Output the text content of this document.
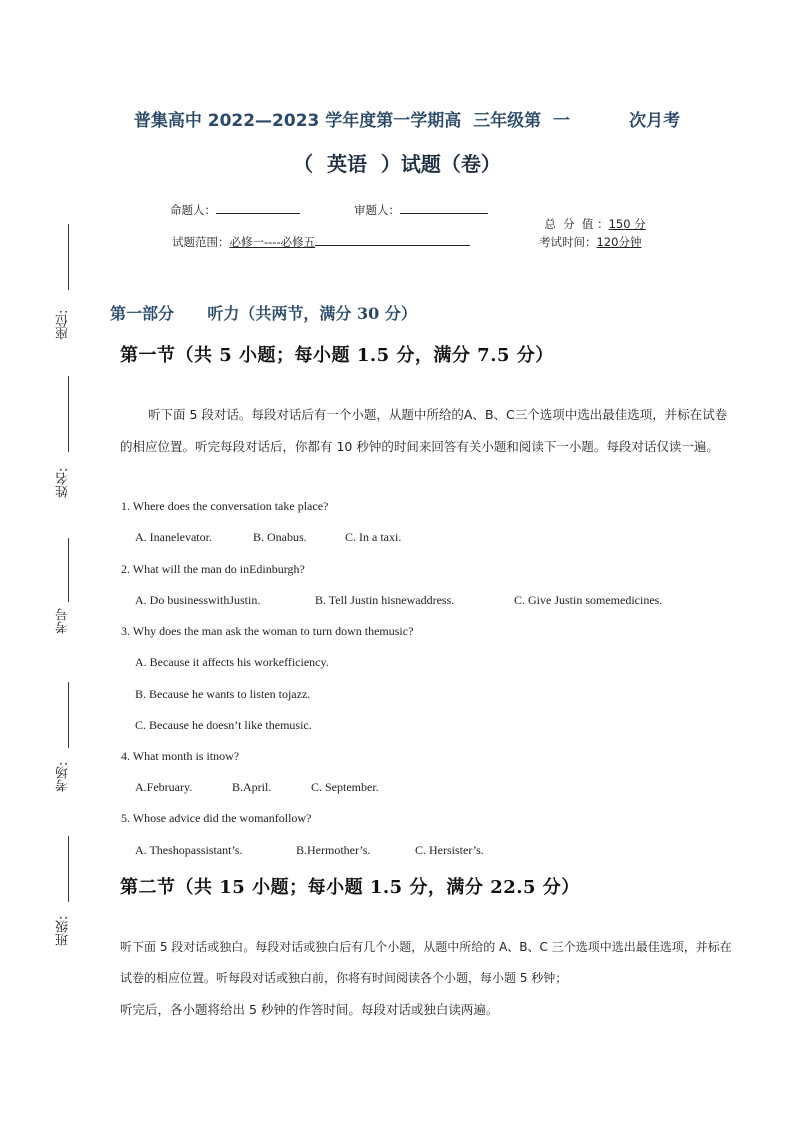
座位:
姓名:
考号
考场:
班级:
普集高中 2022—2023 学年度第一学期高  三年级第  一          次月考
（  英语  ）试题（卷）
命题人：	审题人：

总  分  值 ：150 分

试题范围：必修一----必修五	考试时间：120分钟
第一部分      听力（共两节，满分 30 分）
第一节（共 5 小题；每小题 1.5 分，满分 7.5 分）
听下面 5 段对话。每段对话后有一个小题，从题中所给的A、B、C三个选项中选出最佳选项，并标在试卷的相应位置。听完每段对话后，你都有 10 秒钟的时间来回答有关小题和阅读下一小题。每段对话仅读一遍。
1. Where does the conversation take place?
A. Inanelevator.	B. Onabus.	C. In a taxi.
2. What will the man do inEdinburgh?
A. Do businesswithJustin.	B. Tell Justin hisnewaddress.	C. Give Justin somemedicines.
3. Why does the man ask the woman to turn down themusic?
A. Because it affects his workefficiency.
B. Because he wants to listen tojazz.
C. Because he doesn’t like themusic.
4. What month is itnow?
A.February.	B.April.	C. September.
5. Whose advice did the womanfollow?
A. Theshopassistant’s.	B.Hermother’s.	C. Hersister’s.
第二节（共 15 小题；每小题 1.5 分，满分 22.5 分）
听下面 5 段对话或独白。每段对话或独白后有几个小题，从题中所给的 A、B、C 三个选项中选出最佳选项，并标在试卷的相应位置。听每段对话或独白前，你将有时间阅读各个小题，每小题 5 秒钟；
听完后，各小题将给出 5 秒钟的作答时间。每段对话或独白读两遍。
